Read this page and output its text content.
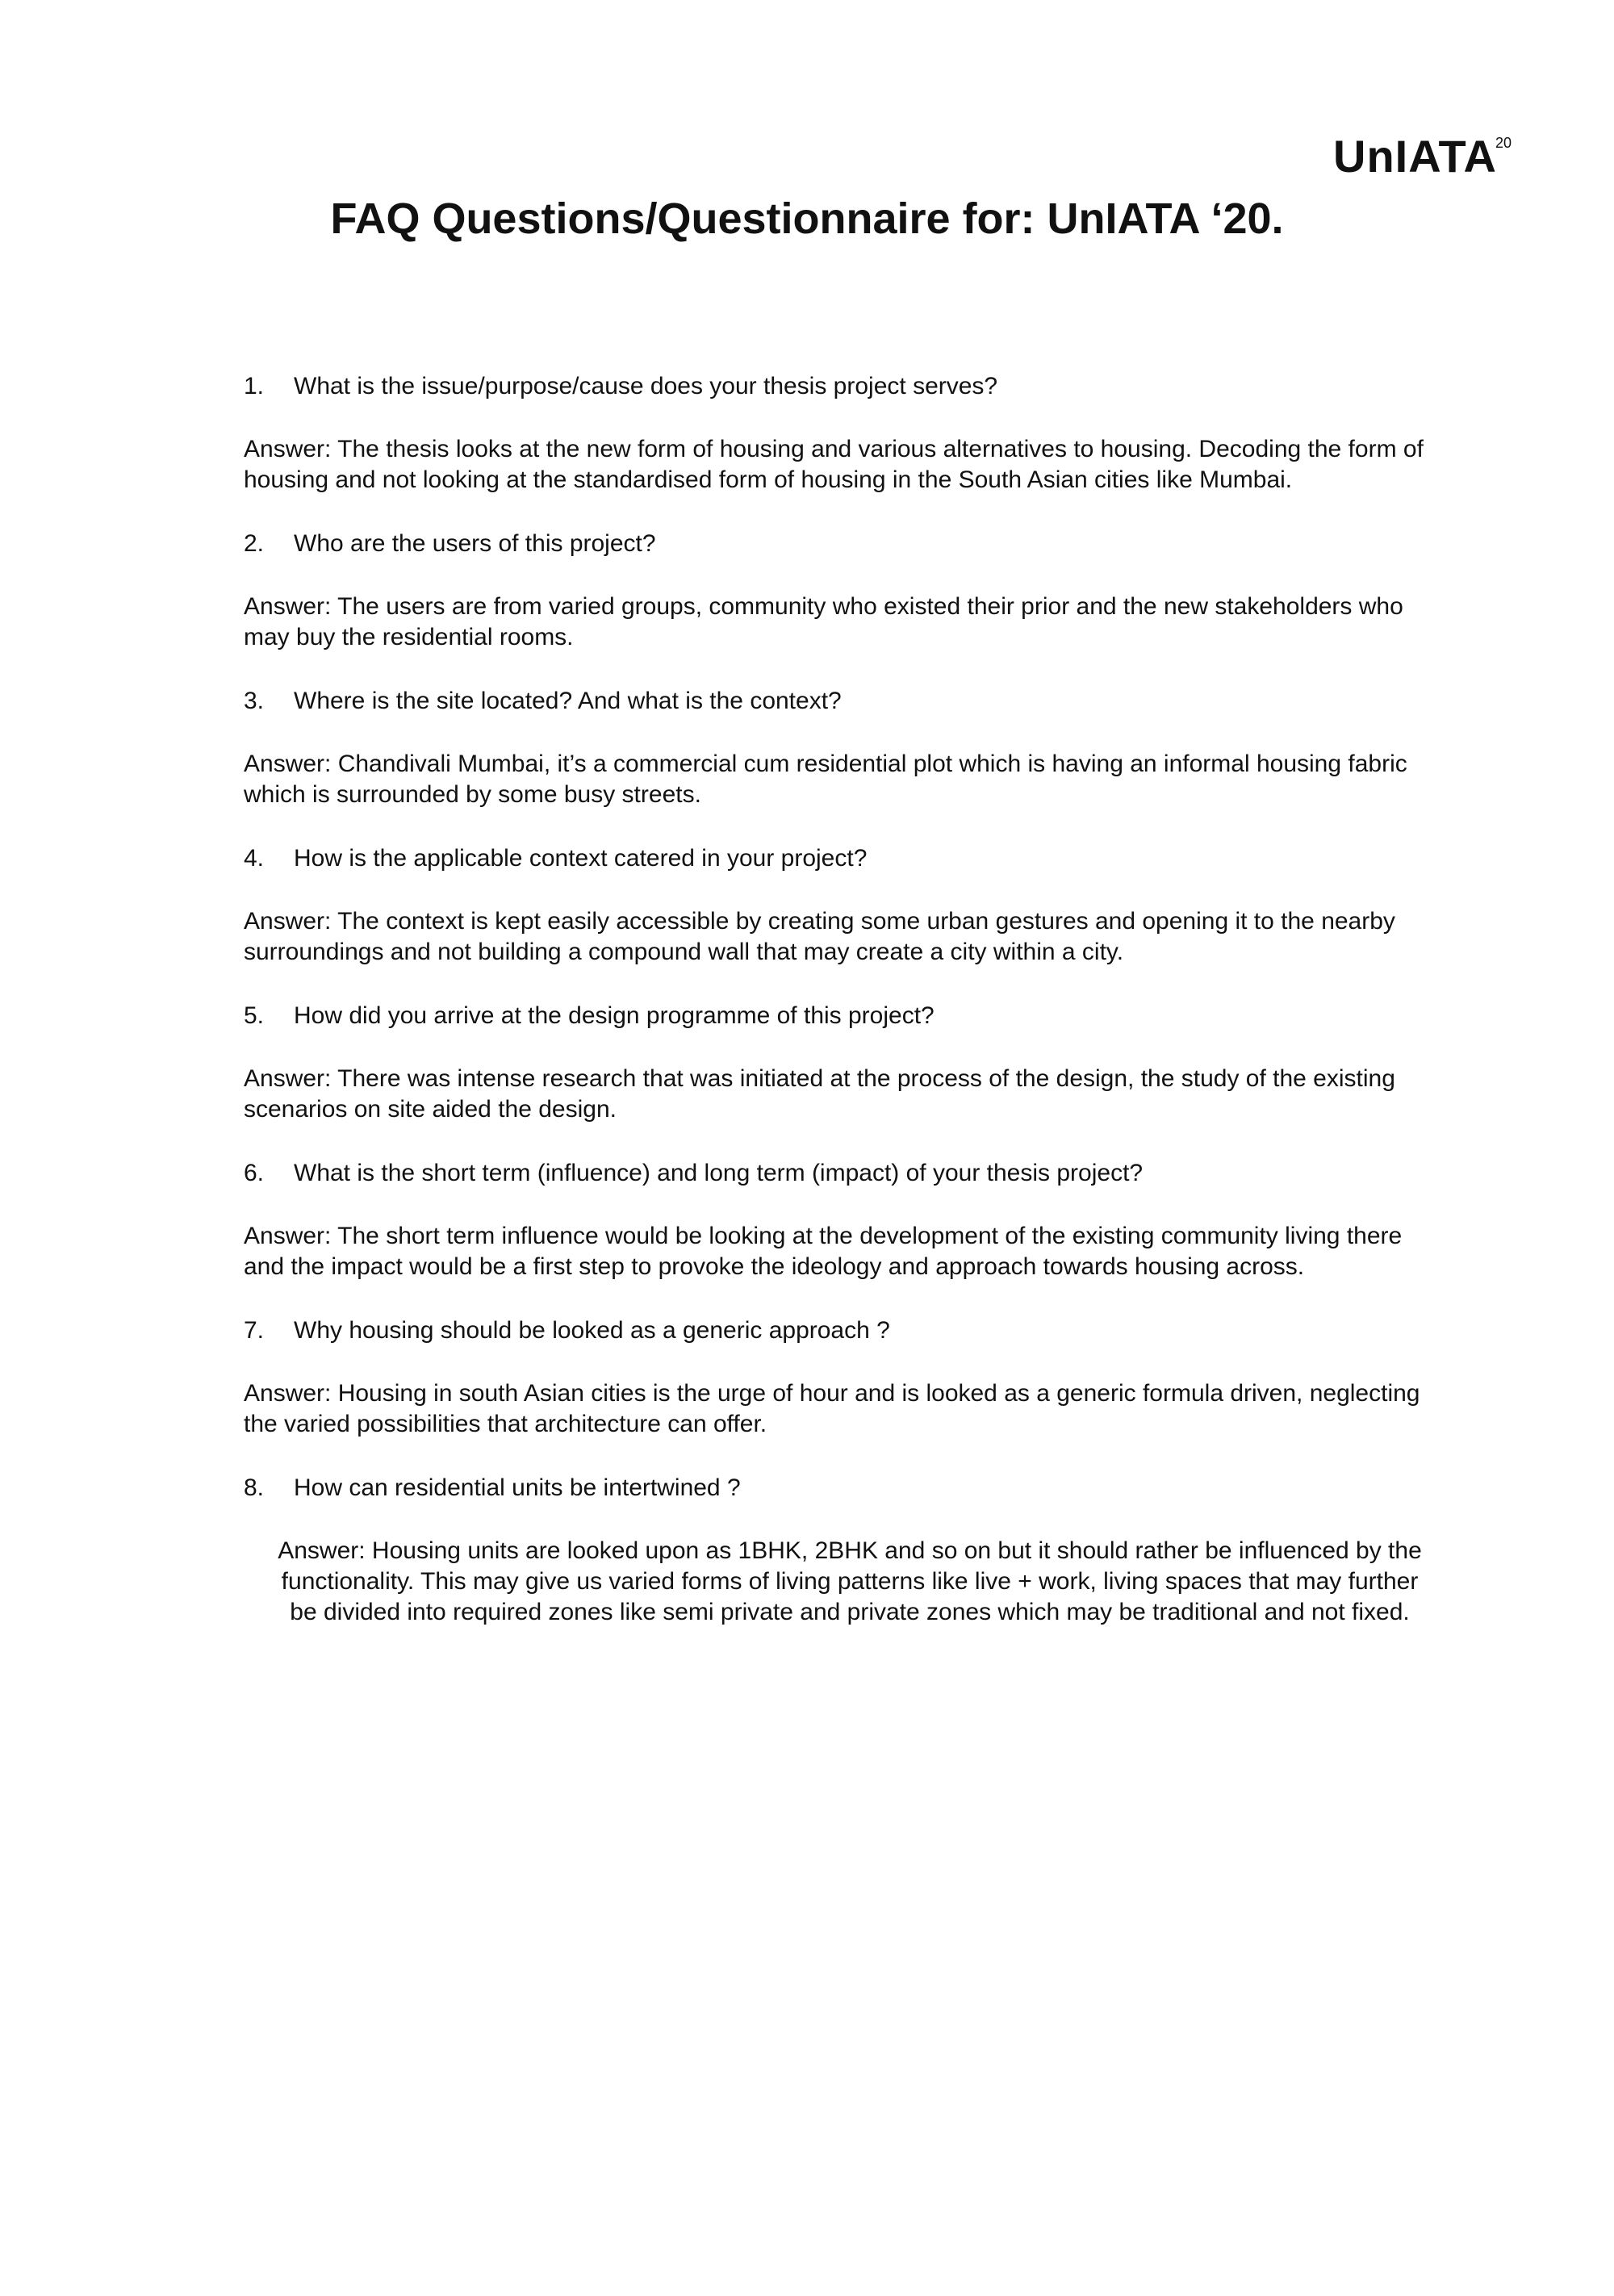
UnIATA
20
FAQ Questions/Questionnaire for: UnIATA ‘20.
1.	What is the issue/purpose/cause does your thesis project serves?

Answer: The thesis looks at the new form of housing and various alternatives to housing. Decoding the form of housing and not looking at the standardised form of housing in the South Asian cities like Mumbai.

2.	Who are the users of this project?

Answer: The users are from varied groups, community who existed their prior and the new stakeholders who may buy the residential rooms.

3.	Where is the site located? And what is the context?

Answer: Chandivali Mumbai, it’s a commercial cum residential plot which is having an informal housing fabric which is surrounded by some busy streets.

4.	How is the applicable context catered in your project?

Answer: The context is kept easily accessible by creating some urban gestures and opening it to the nearby surroundings and not building a compound wall that may create a city within a city.

5.	How did you arrive at the design programme of this project?

Answer: There was intense research that was initiated at the process of the design, the study of the existing scenarios on site aided the design.

6.	What is the short term (influence) and long term (impact) of your thesis project?

Answer: The short term influence would be looking at the development of the existing community living there and the impact would be a first step to provoke the ideology and approach towards housing across.

7.	Why housing should be looked as a generic approach ?

Answer: Housing in south Asian cities is the urge of hour and is looked as a generic formula driven, neglecting the varied possibilities that architecture can offer.

8.	How can residential units be intertwined ?

Answer: Housing units are looked upon as 1BHK, 2BHK and so on but it should rather be influenced by the functionality. This may give us varied forms of living patterns like live + work, living spaces that may further be divided into required zones like semi private and private zones which may be traditional and not fixed.
